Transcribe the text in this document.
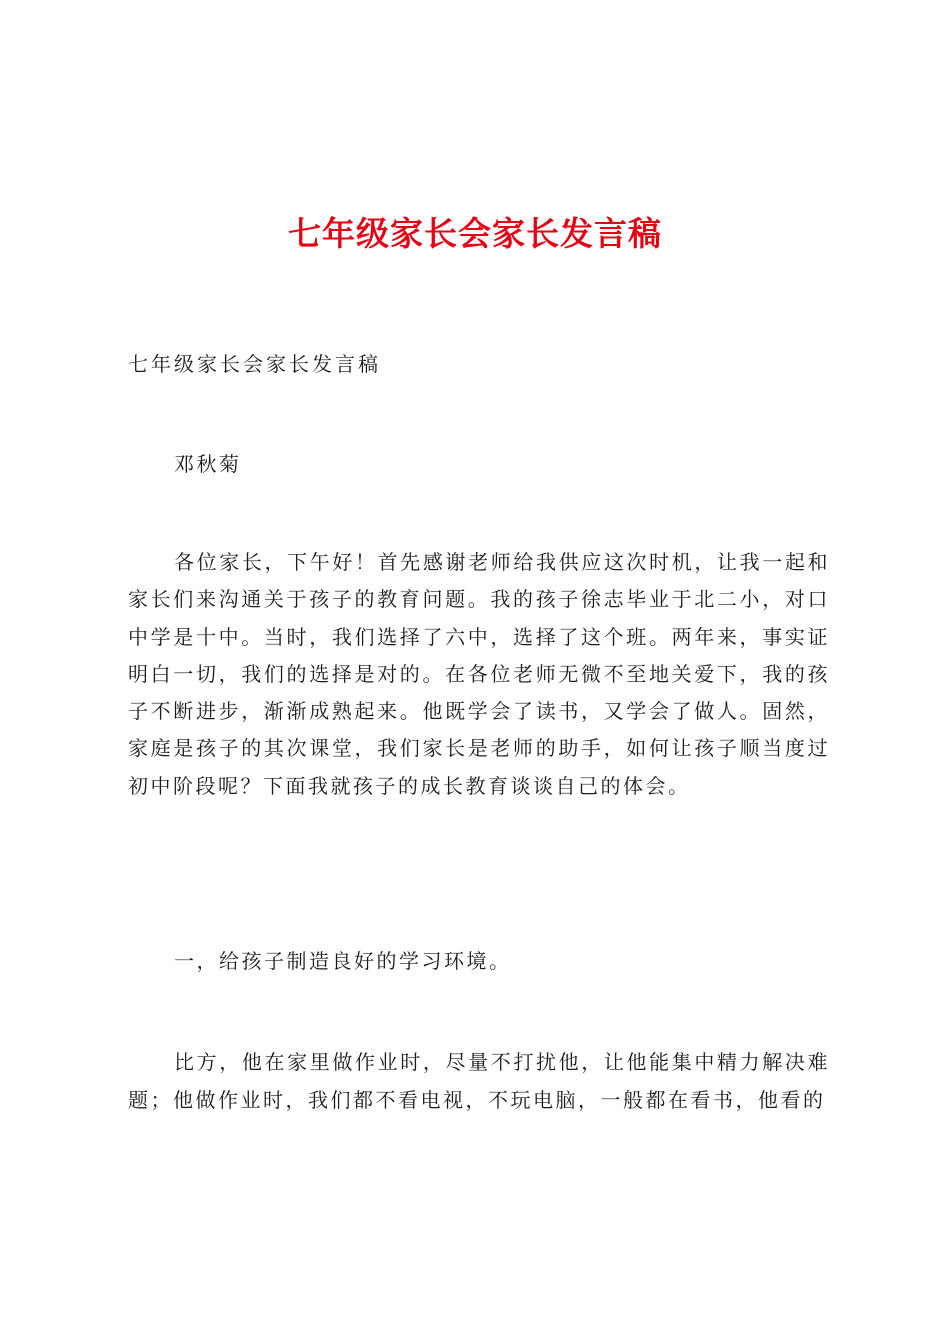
七年级家长会家长发言稿

七年级家长会家长发言稿

邓秋菊

各位家长，下午好！首先感谢老师给我供应这次时机，让我一起和家长们来沟通关于孩子的教育问题。我的孩子徐志毕业于北二小，对口中学是十中。当时，我们选择了六中，选择了这个班。两年来，事实证明白一切，我们的选择是对的。在各位老师无微不至地关爱下，我的孩子不断进步，渐渐成熟起来。他既学会了读书，又学会了做人。固然，家庭是孩子的其次课堂，我们家长是老师的助手，如何让孩子顺当度过初中阶段呢？下面我就孩子的成长教育谈谈自己的体会。

一，给孩子制造良好的学习环境。

比方，他在家里做作业时，尽量不打扰他，让他能集中精力解决难题；他做作业时，我们都不看电视，不玩电脑，一般都在看书，他看的
